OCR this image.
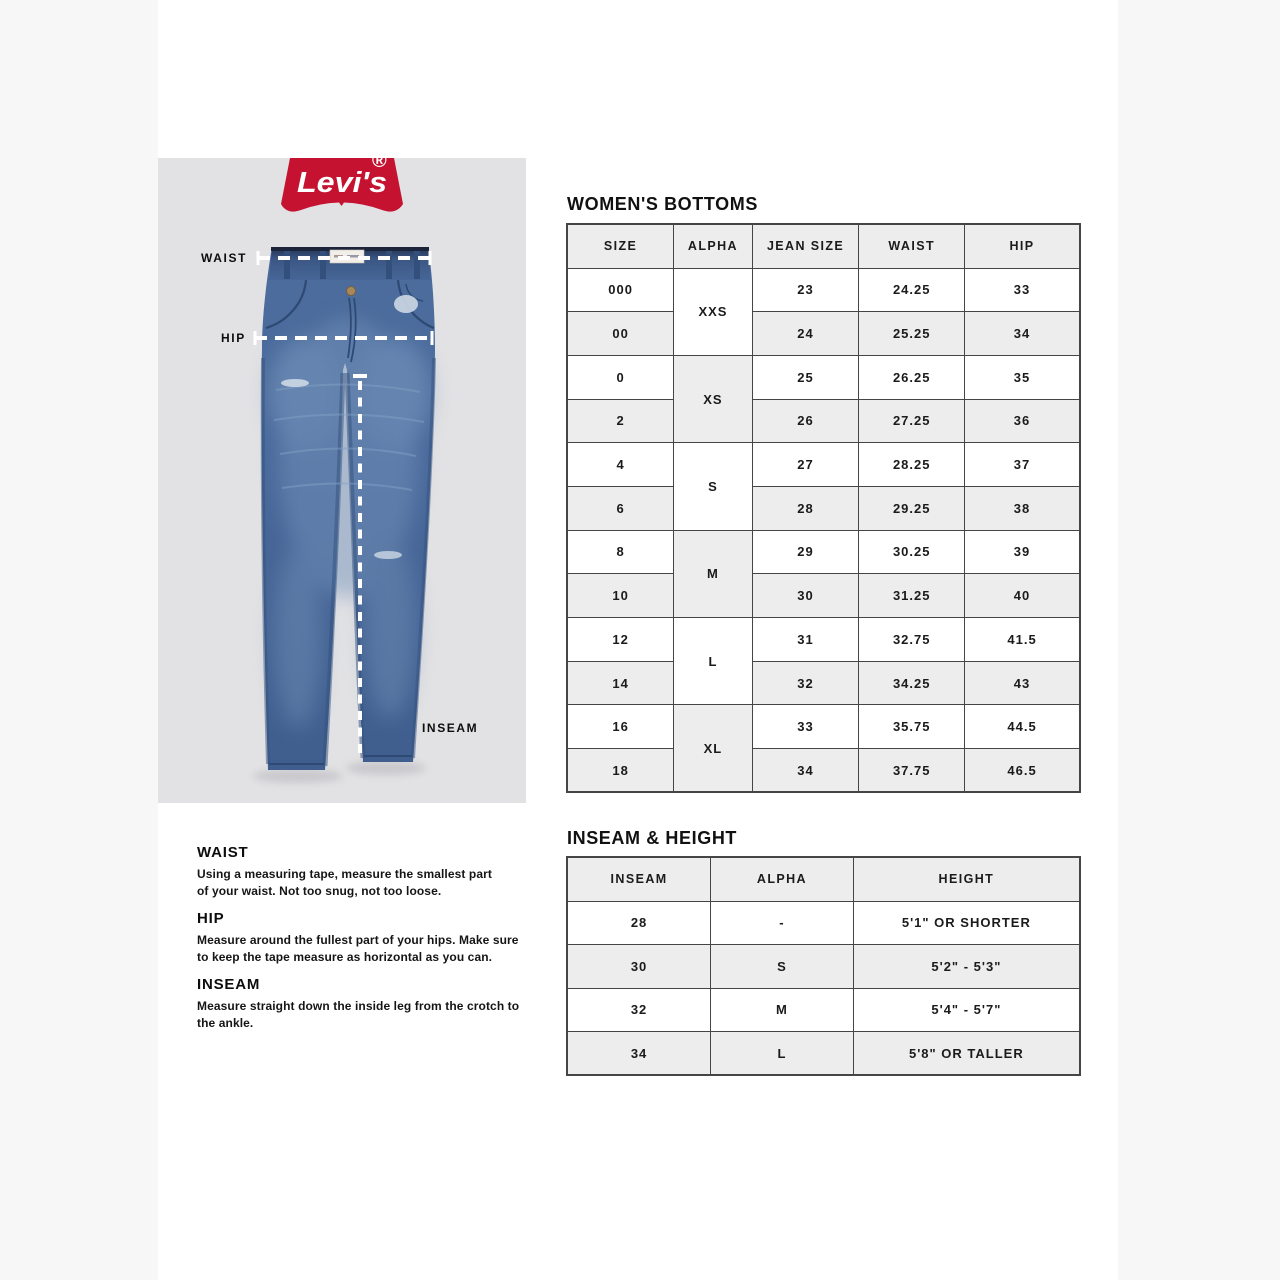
Levi's
®
WAIST
HIP
INSEAM
WOMEN'S BOTTOMS
SIZE	ALPHA	JEAN SIZE	WAIST	HIP
000	XXS	23	24.25	33
00		24	25.25	34
0	XS	25	26.25	35
2		26	27.25	36
4	S	27	28.25	37
6		28	29.25	38
8	M	29	30.25	39
10		30	31.25	40
12	L	31	32.75	41.5
14		32	34.25	43
16	XL	33	35.75	44.5
18		34	37.75	46.5
WAIST
Using a measuring tape, measure the smallest part
of your waist. Not too snug, not too loose.
HIP
Measure around the fullest part of your hips. Make sure
to keep the tape measure as horizontal as you can.
INSEAM
Measure straight down the inside leg from the crotch to
the ankle.
INSEAM & HEIGHT
INSEAM	ALPHA	HEIGHT
28	-	5'1" OR SHORTER
30	S	5'2" - 5'3"
32	M	5'4" - 5'7"
34	L	5'8" OR TALLER
